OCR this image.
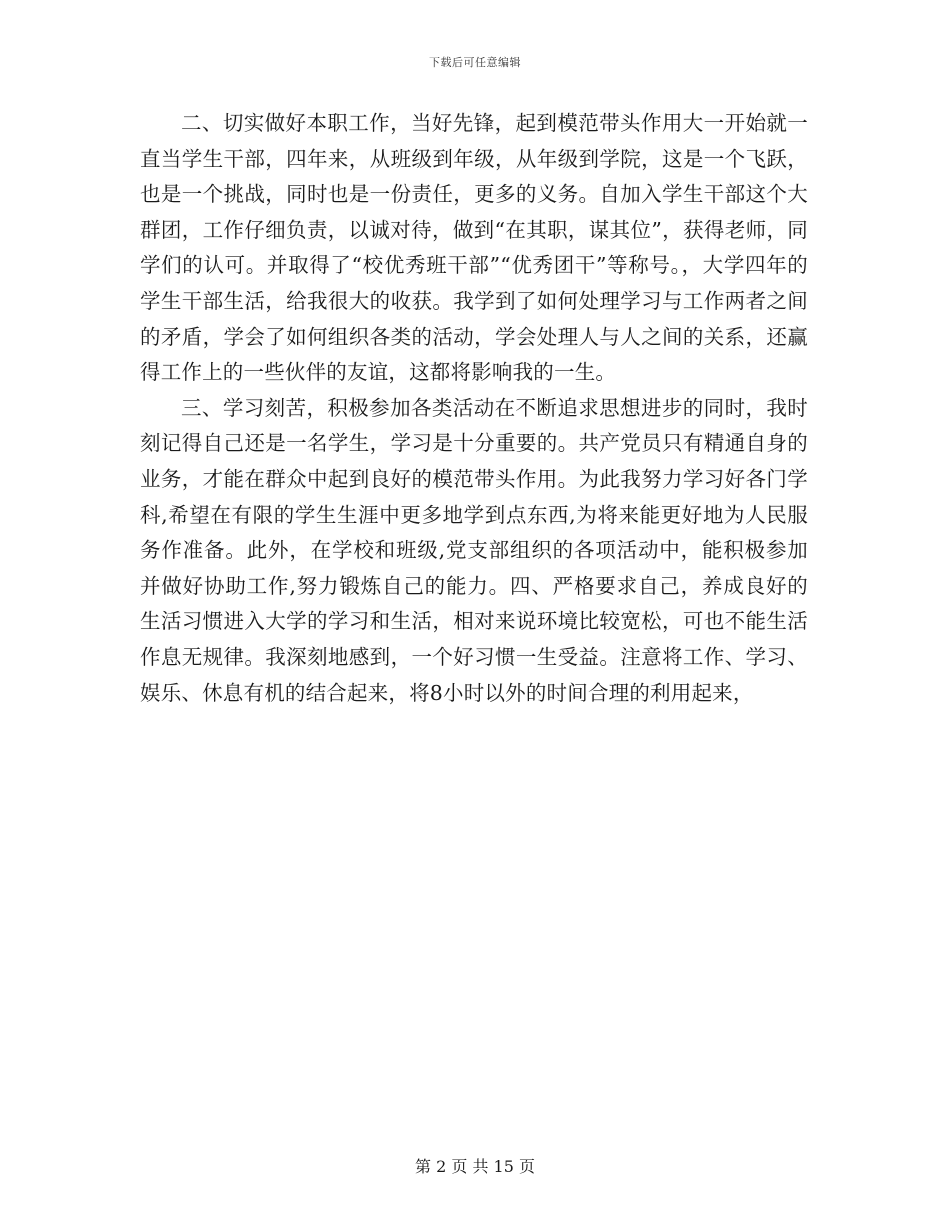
下载后可任意编辑

二、切实做好本职工作，当好先锋，起到模范带头作用大一开始就一直当学生干部，四年来，从班级到年级，从年级到学院，这是一个飞跃，也是一个挑战，同时也是一份责任，更多的义务。自加入学生干部这个大群团，工作仔细负责，以诚对待，做到“在其职，谋其位”，获得老师，同学们的认可。并取得了“校优秀班干部”“优秀团干”等称号。，大学四年的学生干部生活，给我很大的收获。我学到了如何处理学习与工作两者之间的矛盾，学会了如何组织各类的活动，学会处理人与人之间的关系，还赢得工作上的一些伙伴的友谊，这都将影响我的一生。

三、学习刻苦，积极参加各类活动在不断追求思想进步的同时，我时刻记得自己还是一名学生，学习是十分重要的。共产党员只有精通自身的业务，才能在群众中起到良好的模范带头作用。为此我努力学习好各门学科,希望在有限的学生生涯中更多地学到点东西,为将来能更好地为人民服务作准备。此外，在学校和班级,党支部组织的各项活动中，能积极参加并做好协助工作,努力锻炼自己的能力。四、严格要求自己，养成良好的生活习惯进入大学的学习和生活，相对来说环境比较宽松，可也不能生活作息无规律。我深刻地感到，一个好习惯一生受益。注意将工作、学习、娱乐、休息有机的结合起来，将8小时以外的时间合理的利用起来，

第 2 页 共 15 页
